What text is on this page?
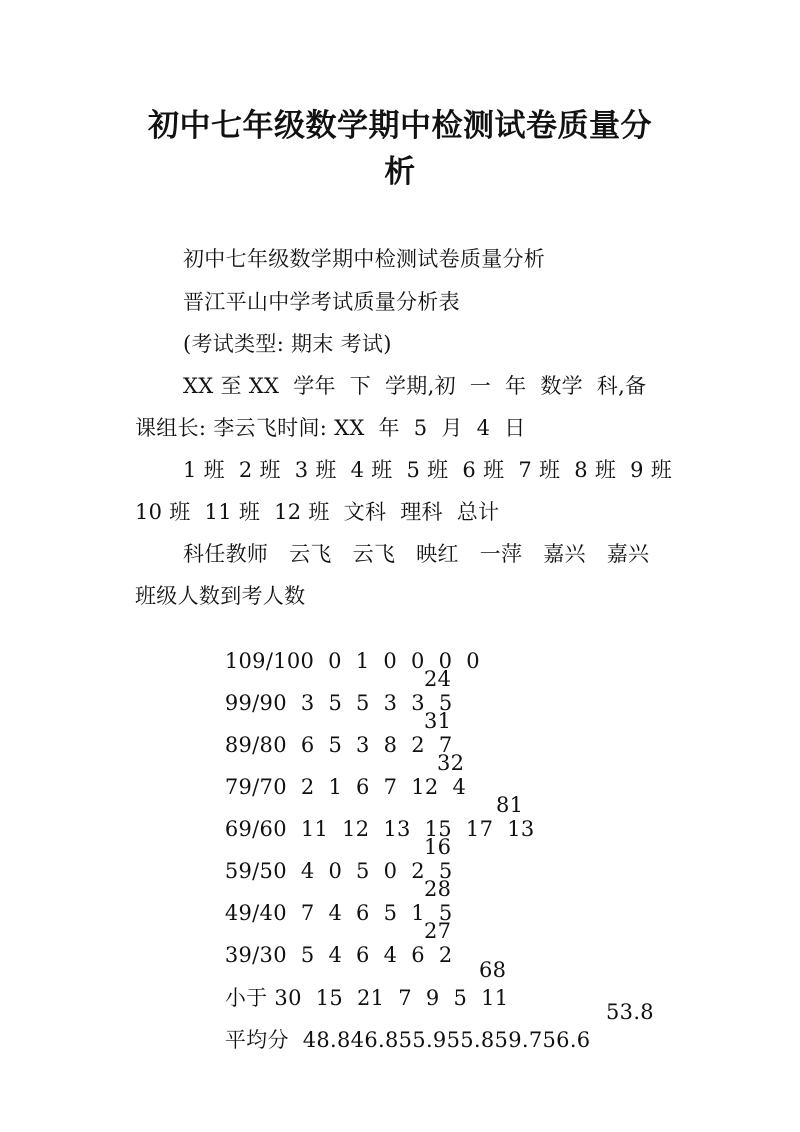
初中七年级数学期中检测试卷质量分
析
初中七年级数学期中检测试卷质量分析
晋江平山中学考试质量分析表
(考试类型: 期末 考试)
XX 至 XX  学年  下  学期,初  一  年  数学  科,备
课组长: 李云飞时间: XX  年  5  月  4  日
1 班  2 班  3 班  4 班  5 班  6 班  7 班  8 班  9 班
10 班  11 班  12 班  文科  理科  总计
科任教师   云飞   云飞   映红   一萍   嘉兴   嘉兴
班级人数到考人数

109/100  0  1  0  0  0  0

99/90  3  5  5  3  3  5

24

89/80  6  5  3  8  2  7

31

79/70  2  1  6  7  12  4

32

69/60  11  12  13  15  17  13

81

59/50  4  0  5  0  2  5

16

49/40  7  4  6  5  1  5

28

39/30  5  4  6  4  6  2

27

小于 30  15  21  7  9  5  11

68

平均分  48.846.855.955.859.756.6

53.8
